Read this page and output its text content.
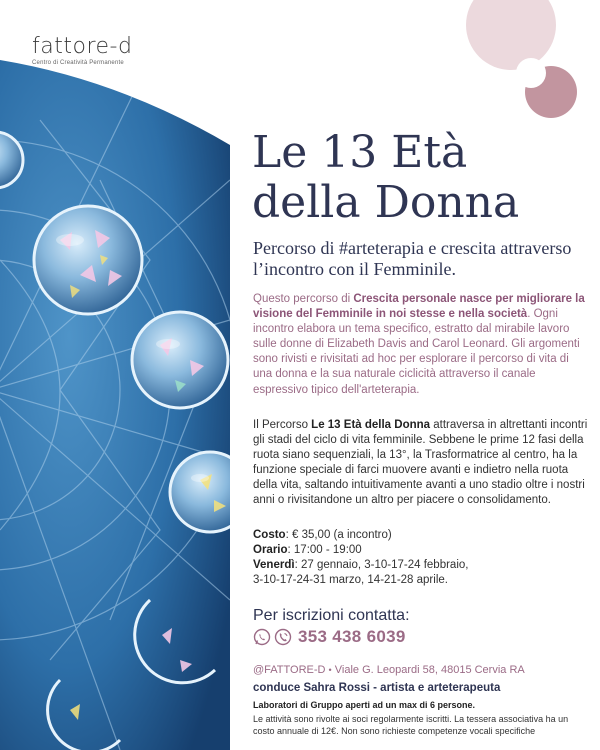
fattore-d
Centro di Creatività Permanente
Le 13 Età
della Donna

Percorso di #arteterapia e crescita attraverso l’incontro con il Femminile.

Questo percorso di Crescita personale nasce per migliorare la visione del Femminile in noi stesse e nella società. Ogni incontro elabora un tema specifico, estratto dal mirabile lavoro sulle donne di Elizabeth Davis and Carol Leonard. Gli argomenti sono rivisti e rivisitati ad hoc per esplorare il percorso di vita di una donna e la sua naturale ciclicità attraverso il canale espressivo tipico dell'arteterapia.

Il Percorso Le 13 Età della Donna attraversa in altrettanti incontri gli stadi del ciclo di vita femminile. Sebbene le prime 12 fasi della ruota siano sequenziali, la 13°, la Trasformatrice al centro, ha la funzione speciale di farci muovere avanti e indietro nella ruota della vita, saltando intuitivamente avanti a uno stadio oltre i nostri anni o rivisitandone un altro per piacere o consolidamento.

Costo: € 35,00 (a incontro)
Orario: 17:00 - 19:00
Venerdì: 27 gennaio, 3-10-17-24 febbraio,
3-10-17-24-31 marzo, 14-21-28 aprile.
Per iscrizioni contatta:
353 438 6039
@FATTORE-D • Viale G. Leopardi 58, 48015 Cervia RA
conduce Sahra Rossi - artista e arteterapeuta
Laboratori di Gruppo aperti ad un max di 6 persone.
Le attività sono rivolte ai soci regolarmente iscritti. La tessera associativa ha un costo annuale di 12€. Non sono richieste competenze vocali specifiche
